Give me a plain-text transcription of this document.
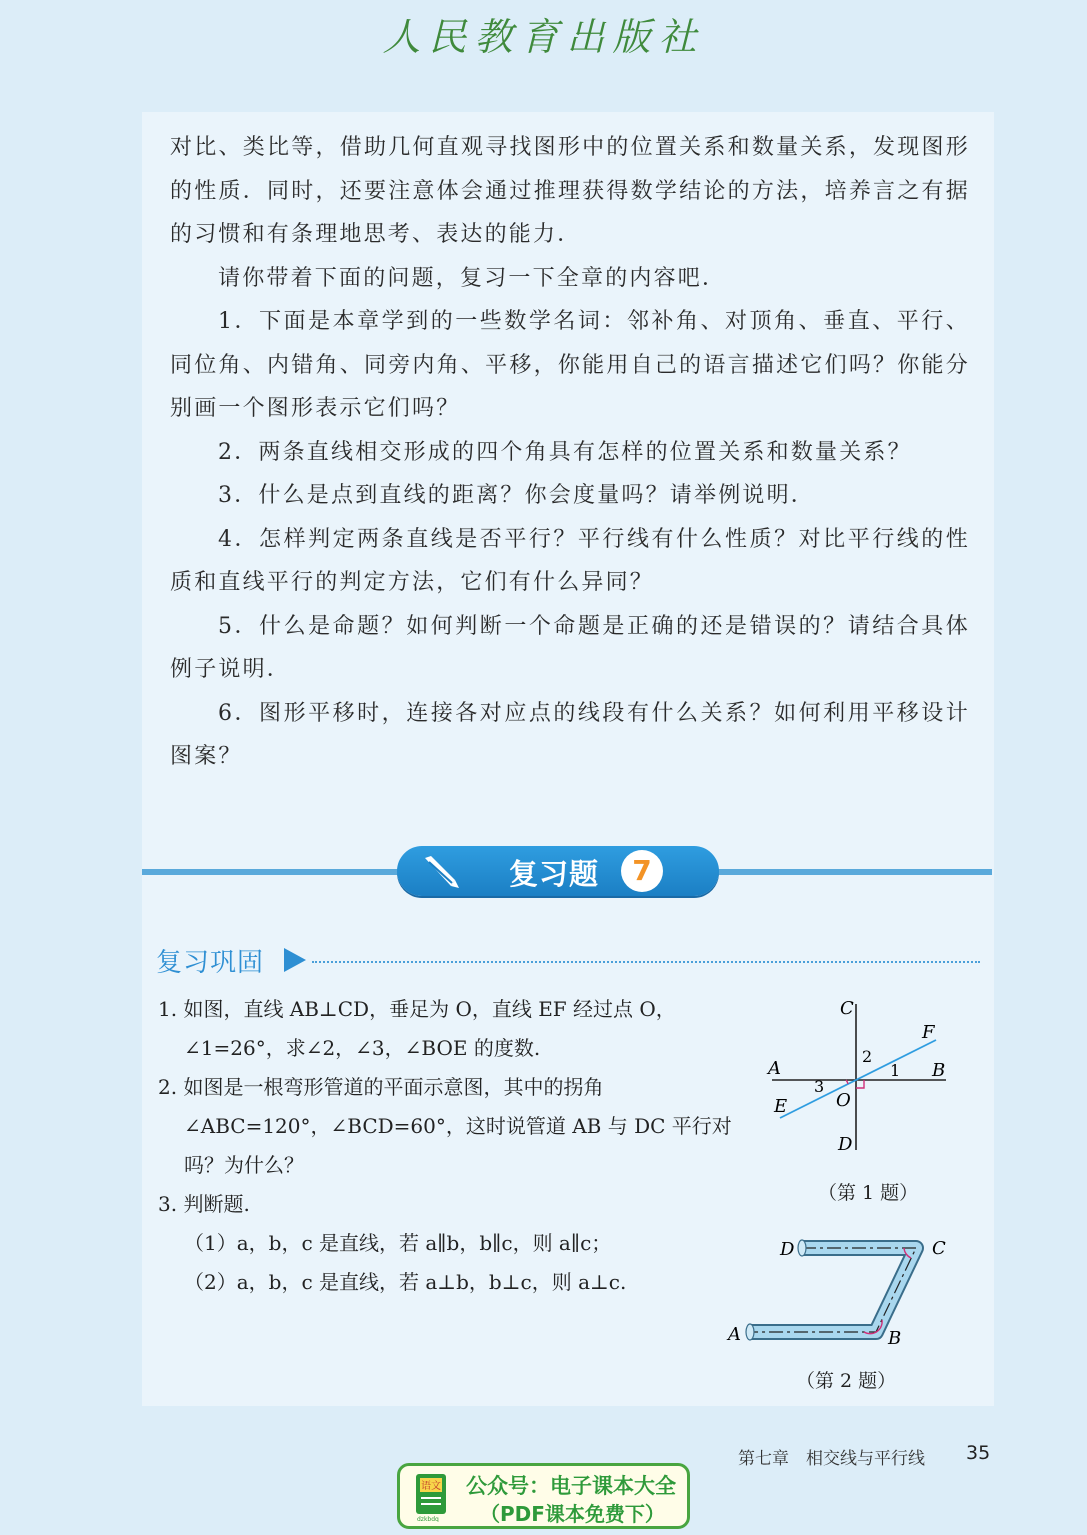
人民教育出版社

对比、类比等，借助几何直观寻找图形中的位置关系和数量关系，发现图形的性质．同时，还要注意体会通过推理获得数学结论的方法，培养言之有据的习惯和有条理地思考、表达的能力．

请你带着下面的问题，复习一下全章的内容吧．

1．下面是本章学到的一些数学名词：邻补角、对顶角、垂直、平行、同位角、内错角、同旁内角、平移，你能用自己的语言描述它们吗？你能分别画一个图形表示它们吗？

2．两条直线相交形成的四个角具有怎样的位置关系和数量关系？

3．什么是点到直线的距离？你会度量吗？请举例说明．

4．怎样判定两条直线是否平行？平行线有什么性质？对比平行线的性质和直线平行的判定方法，它们有什么异同？

5．什么是命题？如何判断一个命题是正确的还是错误的？请结合具体例子说明．

6．图形平移时，连接各对应点的线段有什么关系？如何利用平移设计图案？

复习题	7
复习巩固

1. 如图，直线 AB⊥CD，垂足为 O，直线 EF 经过点 O，∠1=26°，求∠2，∠3，∠BOE 的度数.

2. 如图是一根弯形管道的平面示意图，其中的拐角∠ABC=120°，∠BCD=60°，这时说管道 AB 与 DC 平行对吗？为什么？

3. 判断题.

（1）a，b，c 是直线，若 a∥b，b∥c，则 a∥c；

（2）a，b，c 是直线，若 a⊥b，b⊥c，则 a⊥c.

C
F
A	B
2
1
3
O
E
D
（第 1 题）
D	C
A	B
（第 2 题）
第七章　相交线与平行线 35
语文
dzkbdq
公众号：电子课本大全
（PDF课本免费下）
